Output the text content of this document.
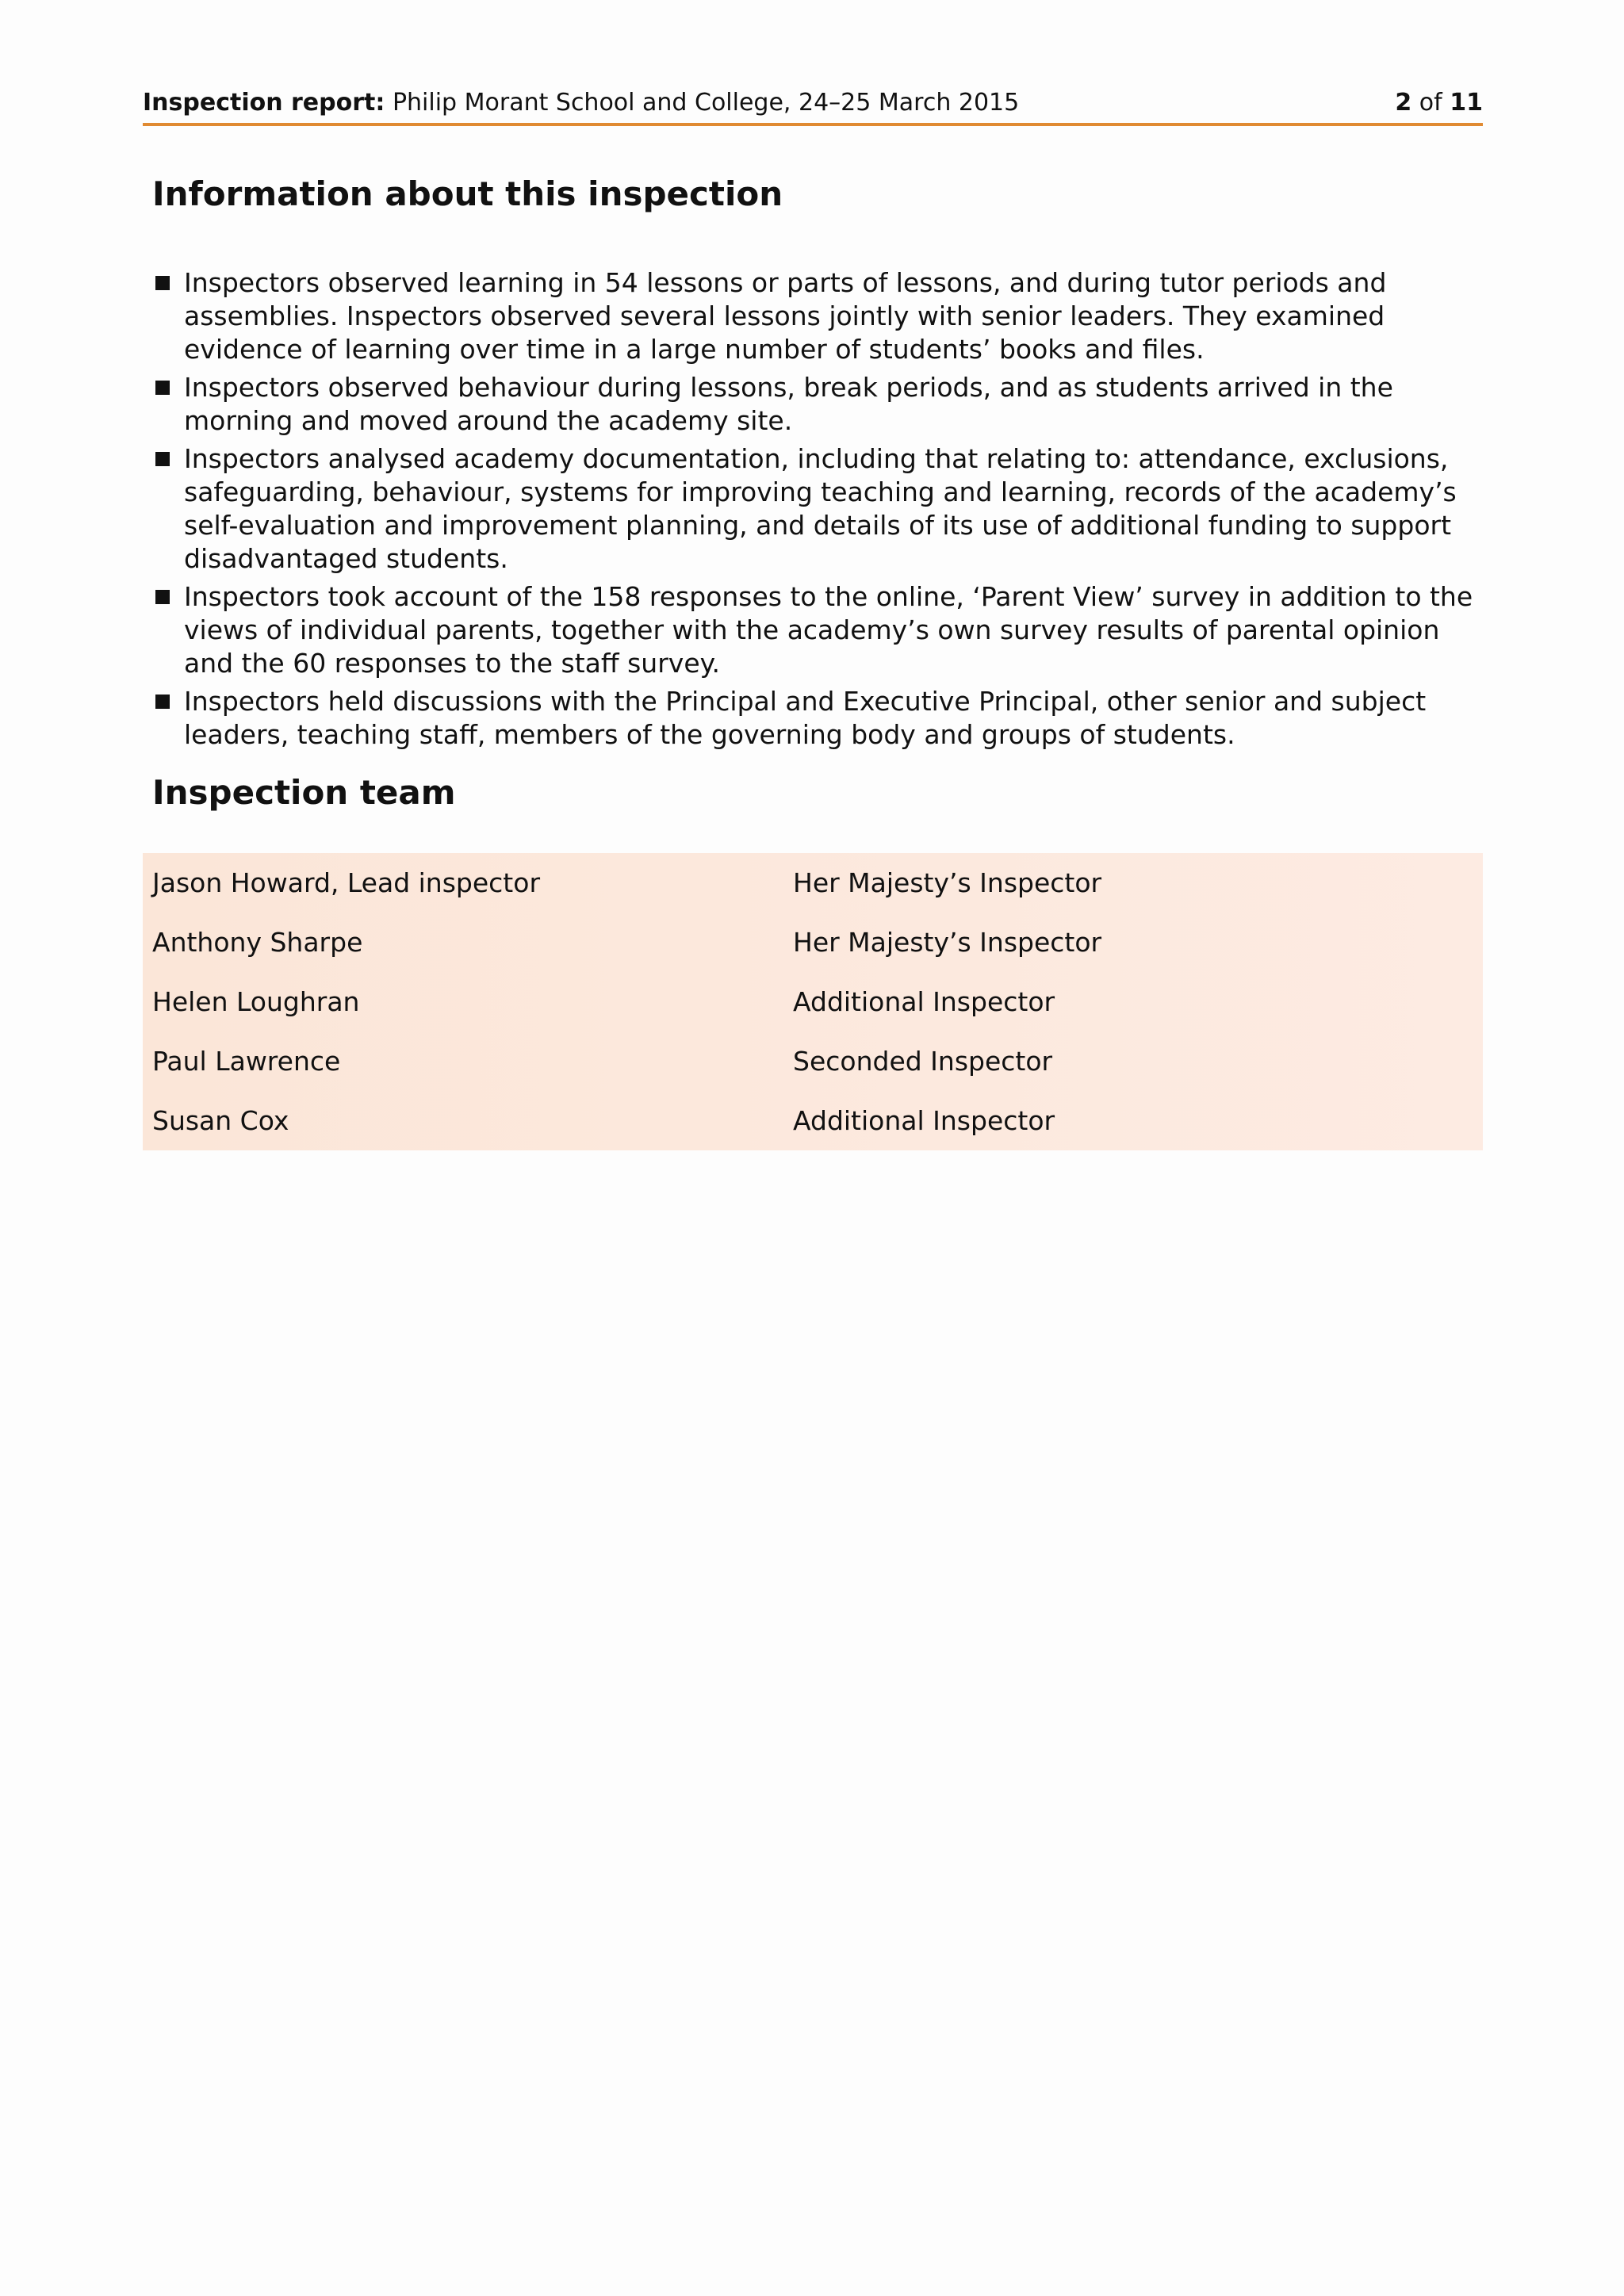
Inspection report: Philip Morant School and College, 24–25 March 2015	2 of 11
Information about this inspection
Inspectors observed learning in 54 lessons or parts of lessons, and during tutor periods and assemblies. Inspectors observed several lessons jointly with senior leaders. They examined evidence of learning over time in a large number of students’ books and files.
Inspectors observed behaviour during lessons, break periods, and as students arrived in the morning and moved around the academy site.
Inspectors analysed academy documentation, including that relating to: attendance, exclusions, safeguarding, behaviour, systems for improving teaching and learning, records of the academy’s self-evaluation and improvement planning, and details of its use of additional funding to support disadvantaged students.
Inspectors took account of the 158 responses to the online, ‘Parent View’ survey in addition to the views of individual parents, together with the academy’s own survey results of parental opinion and the 60 responses to the staff survey.
Inspectors held discussions with the Principal and Executive Principal, other senior and subject leaders, teaching staff, members of the governing body and groups of students.
Inspection team
Jason Howard, Lead inspector	Her Majesty’s Inspector
Anthony Sharpe	Her Majesty’s Inspector
Helen Loughran	Additional Inspector
Paul Lawrence	Seconded Inspector
Susan Cox	Additional Inspector
